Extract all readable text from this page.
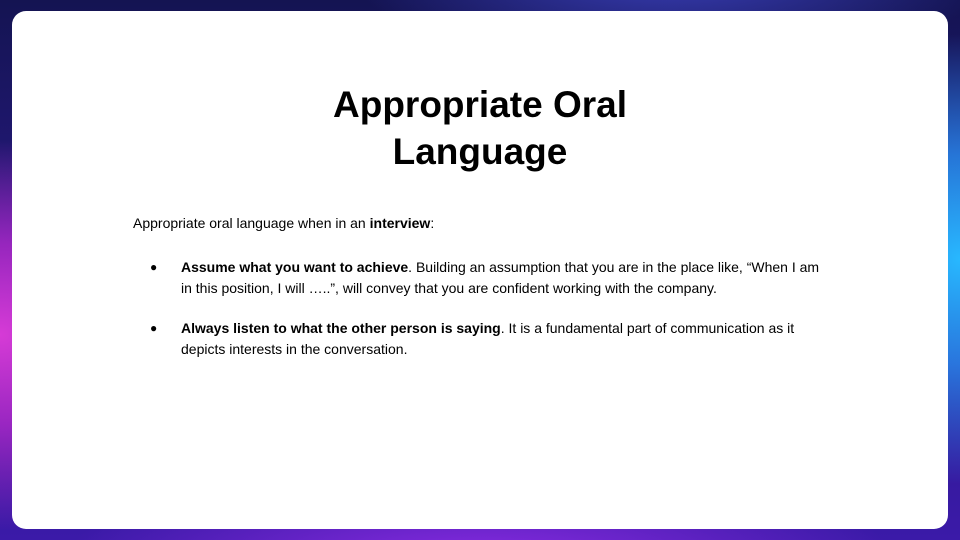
Appropriate Oral
Language

Appropriate oral language when in an interview:

● Assume what you want to achieve. Building an assumption that you are in the place like, “When I am in this position, I will …..”, will convey that you are confident working with the company.
● Always listen to what the other person is saying. It is a fundamental part of communication as it depicts interests in the conversation.
